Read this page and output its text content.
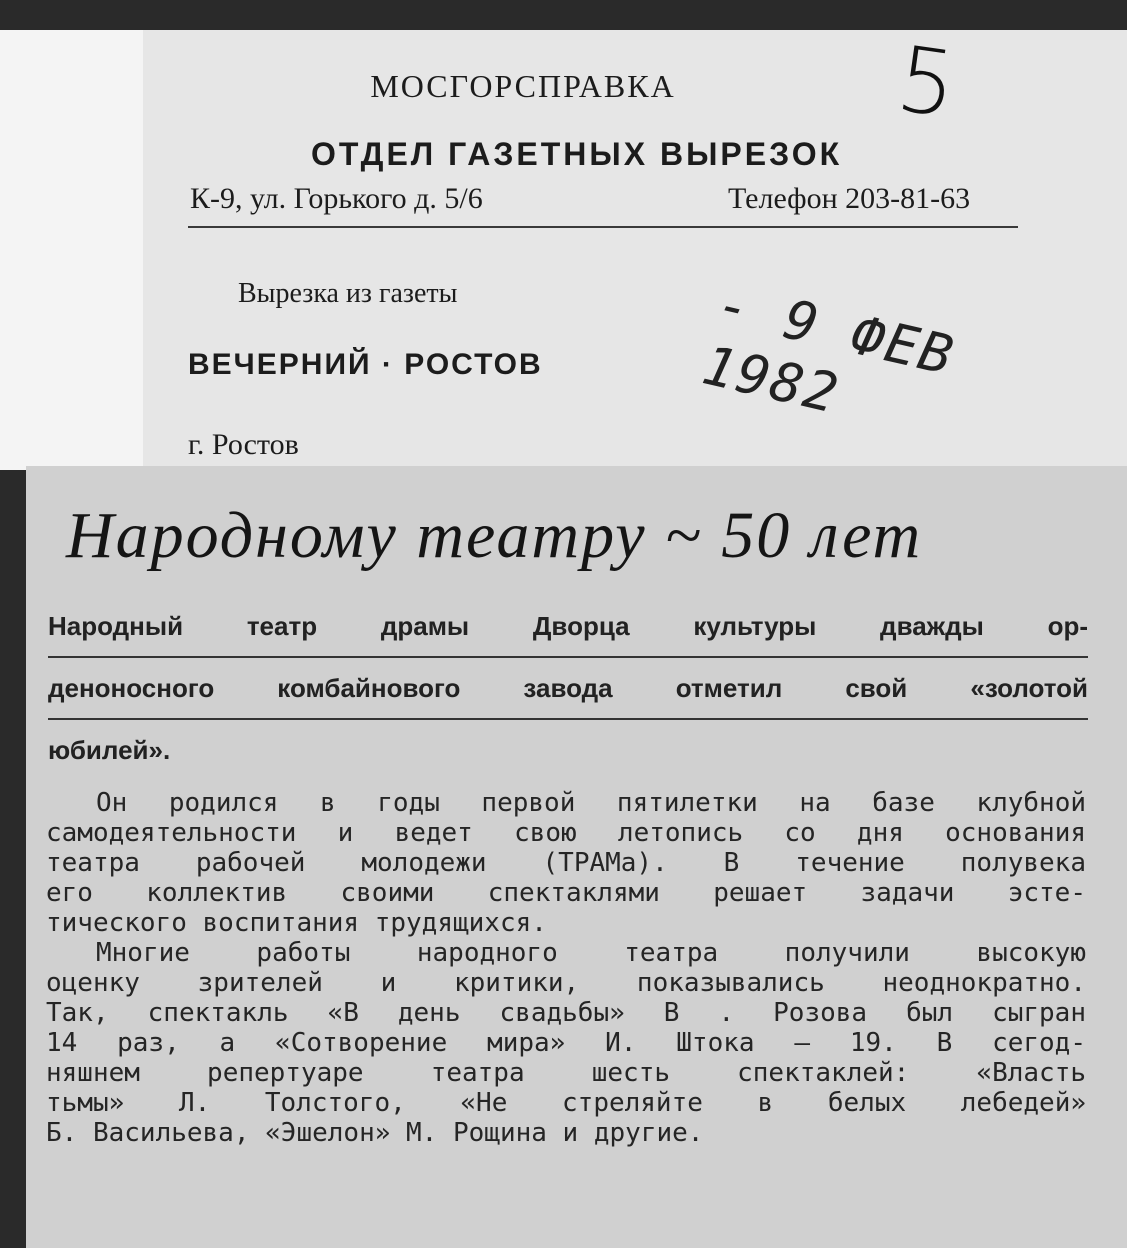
МОСГОРСПРАВКА
ОТДЕЛ ГАЗЕТНЫХ ВЫРЕЗОК
К-9, ул. Горького д. 5/6	Телефон 203-81-63
Вырезка из газеты
ВЕЧЕРНИЙ · РОСТОВ
г. Ростов
5
- 9 ФЕВ 1982
Народному театру ~ 50 лет
Народный театр драмы Дворца культуры дважды ор-
деноносного комбайнового завода отметил свой «золотой
юбилей».
Он родился в годы первой пятилетки на базе клубной
самодеятельности и ведет свою летопись со дня основания
театра рабочей молодежи (ТРАМа). В течение полувека
его коллектив своими спектаклями решает задачи эсте-
тического воспитания трудящихся.
Многие работы народного театра получили высокую
оценку зрителей и критики, показывались неоднократно.
Так, спектакль «В день свадьбы» В . Розова был сыгран
14 раз, а «Сотворение мира» И. Штока — 19. В сегод-
няшнем репертуаре театра шесть спектаклей: «Власть
тьмы» Л. Толстого, «Не стреляйте в белых лебедей»
Б. Васильева, «Эшелон» М. Рощина и другие.
